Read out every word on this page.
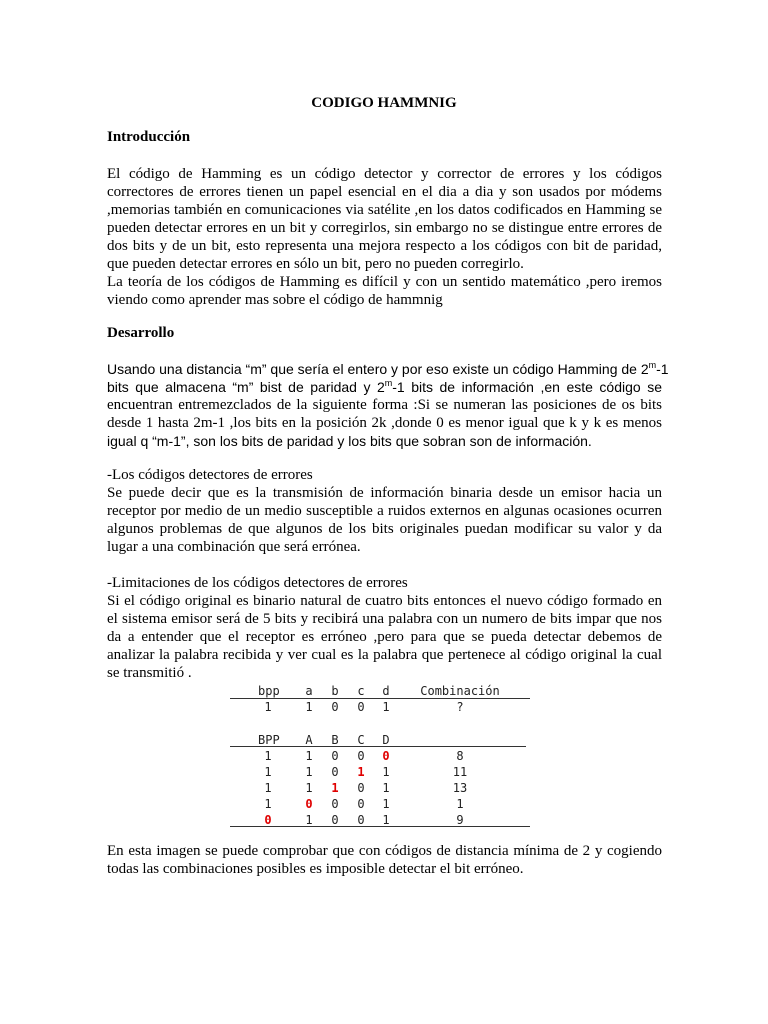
CODIGO HAMMNIG
Introducción
El código de Hamming es un código detector y corrector de errores y los códigos
correctores de errores tienen un papel esencial en el dia a dia y son usados por módems
,memorias también en comunicaciones via satélite ,en los datos codificados en Hamming se
pueden detectar errores en un bit y corregirlos, sin embargo no se distingue entre errores de
dos bits y de un bit, esto representa una mejora respecto a los códigos con bit de paridad,
que pueden detectar errores en sólo un bit, pero no pueden corregirlo.
La teoría de los códigos de Hamming es difícil y con un sentido matemático ,pero iremos
viendo como aprender mas sobre el código de hammnig
Desarrollo
Usando una distancia “m” que sería el entero y por eso existe un código Hamming de 2$^m$-1
bits que almacena “m” bist de paridad y 2$^m$-1 bits de información ,en este código se
encuentran entremezclados de la siguiente forma :Si se numeran las posiciones de os bits
desde 1 hasta 2m-1 ,los bits en la posición 2k ,donde 0 es menor igual que k y k es menos
igual q “m-1”, son los bits de paridad y los bits que sobran son de información.
-Los códigos detectores de errores
Se puede decir que es la transmisión de información binaria desde un emisor hacia un
receptor por medio de un medio susceptible a ruidos externos en algunas ocasiones ocurren
algunos problemas de que algunos de los bits originales puedan modificar su valor y da
lugar a una combinación que será errónea.
-Limitaciones de los códigos detectores de errores
Si el código original es binario natural de cuatro bits entonces el nuevo código formado en
el sistema emisor será de 5 bits y recibirá una palabra con un numero de bits impar que nos
da a entender que el receptor es erróneo ,pero para que se pueda detectar debemos de
analizar la palabra recibida y ver cual es la palabra que pertenece al código original la cual
se transmitió .
bpp	a	b	c	d	Combinación
1	1	0	0	1	?
BPP	A	B	C	D
1	1	0	0	0	8
1	1	0	1	1	11
1	1	1	0	1	13
1	0	0	0	1	1
0	1	0	0	1	9
En esta imagen se puede comprobar que con códigos de distancia mínima de 2 y cogiendo
todas las combinaciones posibles es imposible detectar el bit erróneo.
